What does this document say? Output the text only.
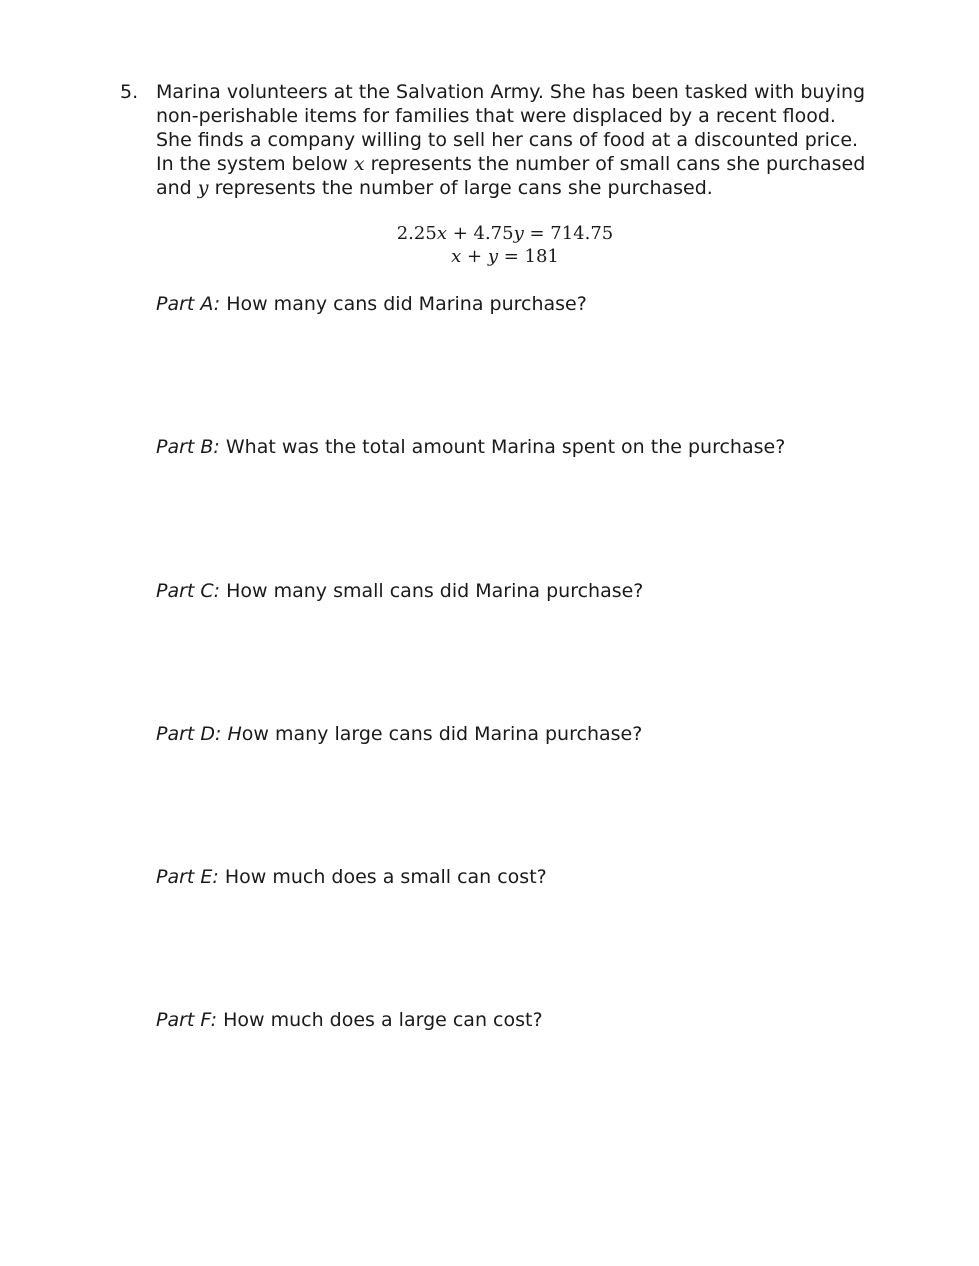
5. Marina volunteers at the Salvation Army. She has been tasked with buying
non-perishable items for families that were displaced by a recent flood.
She finds a company willing to sell her cans of food at a discounted price.
In the system below x represents the number of small cans she purchased
and y represents the number of large cans she purchased.
2.25x + 4.75y = 714.75
x + y = 181
Part A: How many cans did Marina purchase?
Part B: What was the total amount Marina spent on the purchase?
Part C: How many small cans did Marina purchase?
Part D: How many large cans did Marina purchase?
Part E: How much does a small can cost?
Part F: How much does a large can cost?
